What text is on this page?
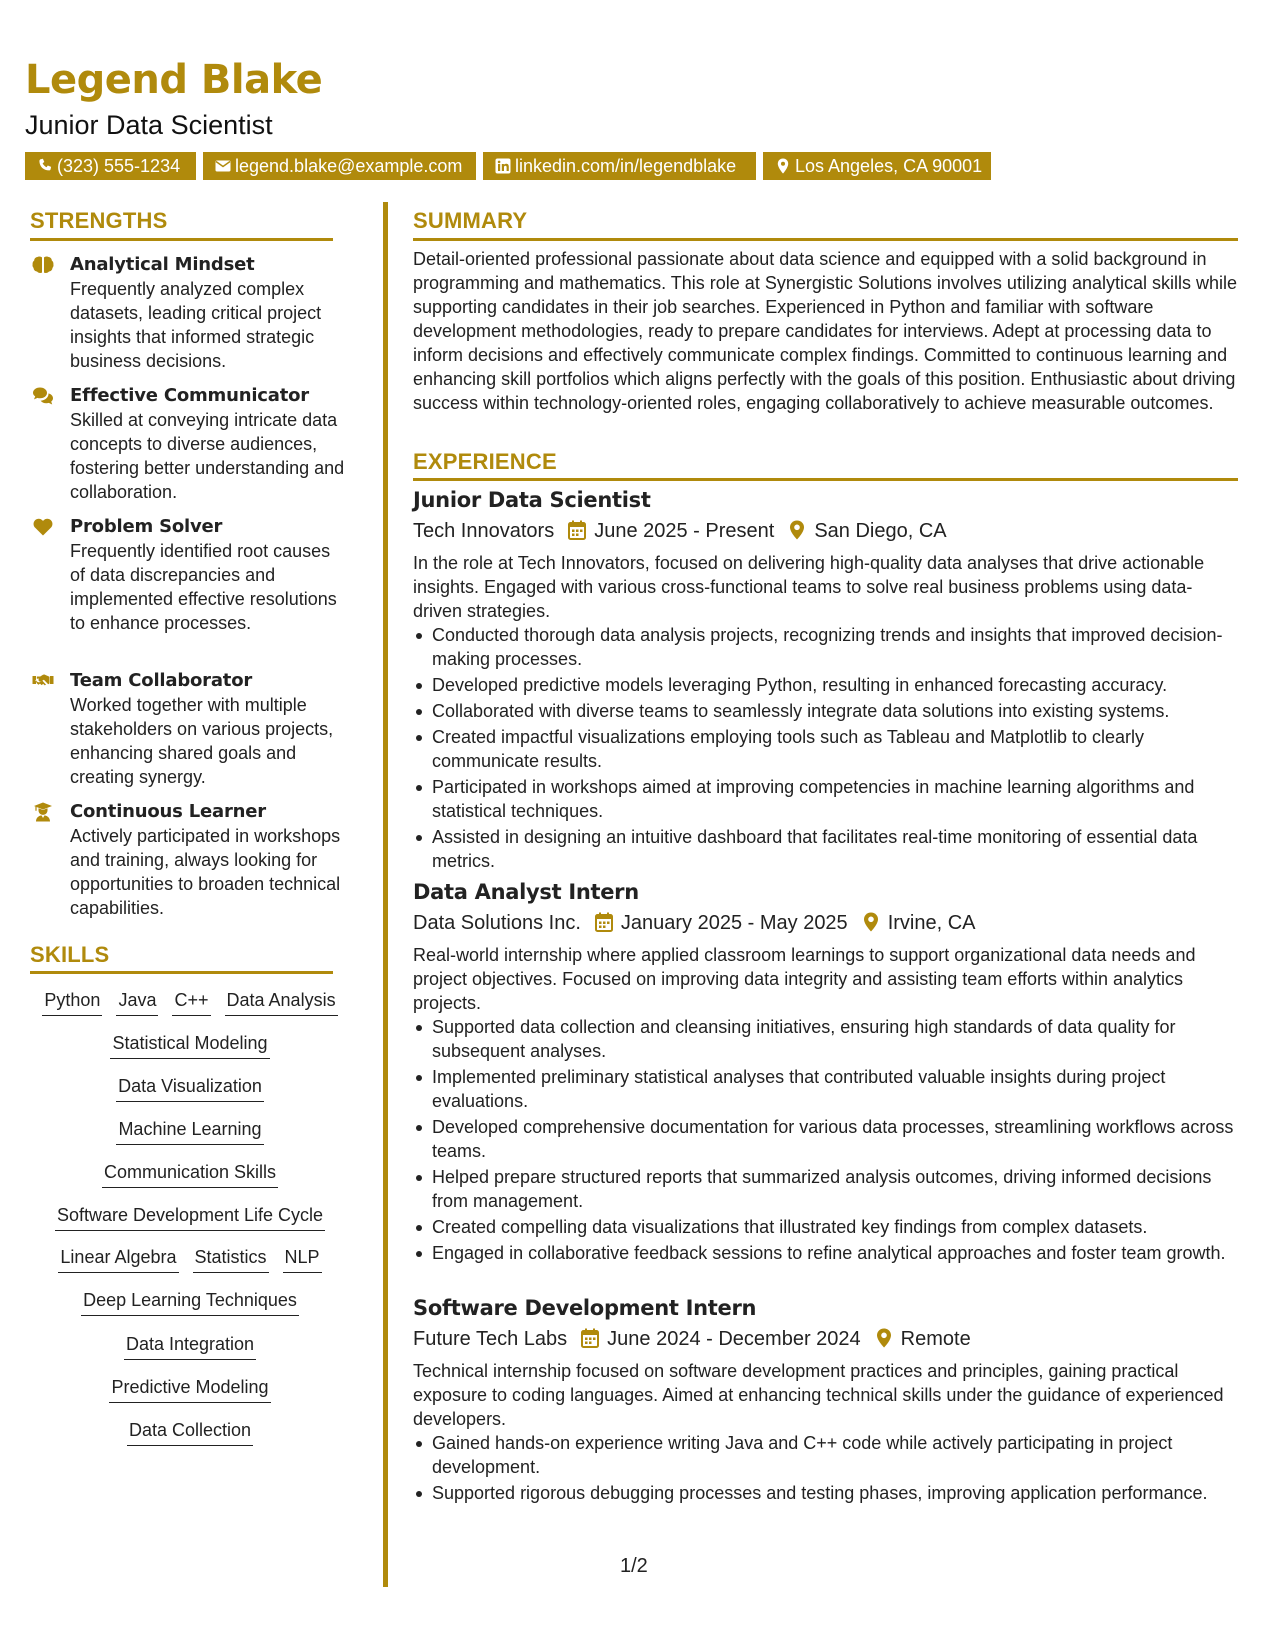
Legend Blake
Junior Data Scientist
(323) 555-1234	legend.blake@example.com	linkedin.com/in/legendblake	Los Angeles, CA 90001
STRENGTHS
Analytical Mindset
Frequently analyzed complex datasets, leading critical project insights that informed strategic business decisions.
Effective Communicator
Skilled at conveying intricate data concepts to diverse audiences, fostering better understanding and collaboration.
Problem Solver
Frequently identified root causes of data discrepancies and implemented effective resolutions to enhance processes.
Team Collaborator
Worked together with multiple stakeholders on various projects, enhancing shared goals and creating synergy.
Continuous Learner
Actively participated in workshops and training, always looking for opportunities to broaden technical capabilities.
SKILLS
Python Java C++ Data Analysis
Statistical Modeling
Data Visualization
Machine Learning
Communication Skills
Software Development Life Cycle
Linear Algebra Statistics NLP
Deep Learning Techniques
Data Integration
Predictive Modeling
Data Collection
SUMMARY

Detail-oriented professional passionate about data science and equipped with a solid background in programming and mathematics. This role at Synergistic Solutions involves utilizing analytical skills while supporting candidates in their job searches. Experienced in Python and familiar with software development methodologies, ready to prepare candidates for interviews. Adept at processing data to inform decisions and effectively communicate complex findings. Committed to continuous learning and enhancing skill portfolios which aligns perfectly with the goals of this position. Enthusiastic about driving success within technology-oriented roles, engaging collaboratively to achieve measurable outcomes.

EXPERIENCE
Junior Data Scientist
Tech Innovators June 2025 - Present San Diego, CA

In the role at Tech Innovators, focused on delivering high-quality data analyses that drive actionable insights. Engaged with various cross-functional teams to solve real business problems using data-driven strategies.

Conducted thorough data analysis projects, recognizing trends and insights that improved decision-making processes.
Developed predictive models leveraging Python, resulting in enhanced forecasting accuracy.
Collaborated with diverse teams to seamlessly integrate data solutions into existing systems.
Created impactful visualizations employing tools such as Tableau and Matplotlib to clearly communicate results.
Participated in workshops aimed at improving competencies in machine learning algorithms and statistical techniques.
Assisted in designing an intuitive dashboard that facilitates real-time monitoring of essential data metrics.
Data Analyst Intern
Data Solutions Inc. January 2025 - May 2025 Irvine, CA

Real-world internship where applied classroom learnings to support organizational data needs and project objectives. Focused on improving data integrity and assisting team efforts within analytics projects.

Supported data collection and cleansing initiatives, ensuring high standards of data quality for subsequent analyses.
Implemented preliminary statistical analyses that contributed valuable insights during project evaluations.
Developed comprehensive documentation for various data processes, streamlining workflows across teams.
Helped prepare structured reports that summarized analysis outcomes, driving informed decisions from management.
Created compelling data visualizations that illustrated key findings from complex datasets.
Engaged in collaborative feedback sessions to refine analytical approaches and foster team growth.
Software Development Intern
Future Tech Labs June 2024 - December 2024 Remote

Technical internship focused on software development practices and principles, gaining practical exposure to coding languages. Aimed at enhancing technical skills under the guidance of experienced developers.

Gained hands-on experience writing Java and C++ code while actively participating in project development.
Supported rigorous debugging processes and testing phases, improving application performance.
1/2
